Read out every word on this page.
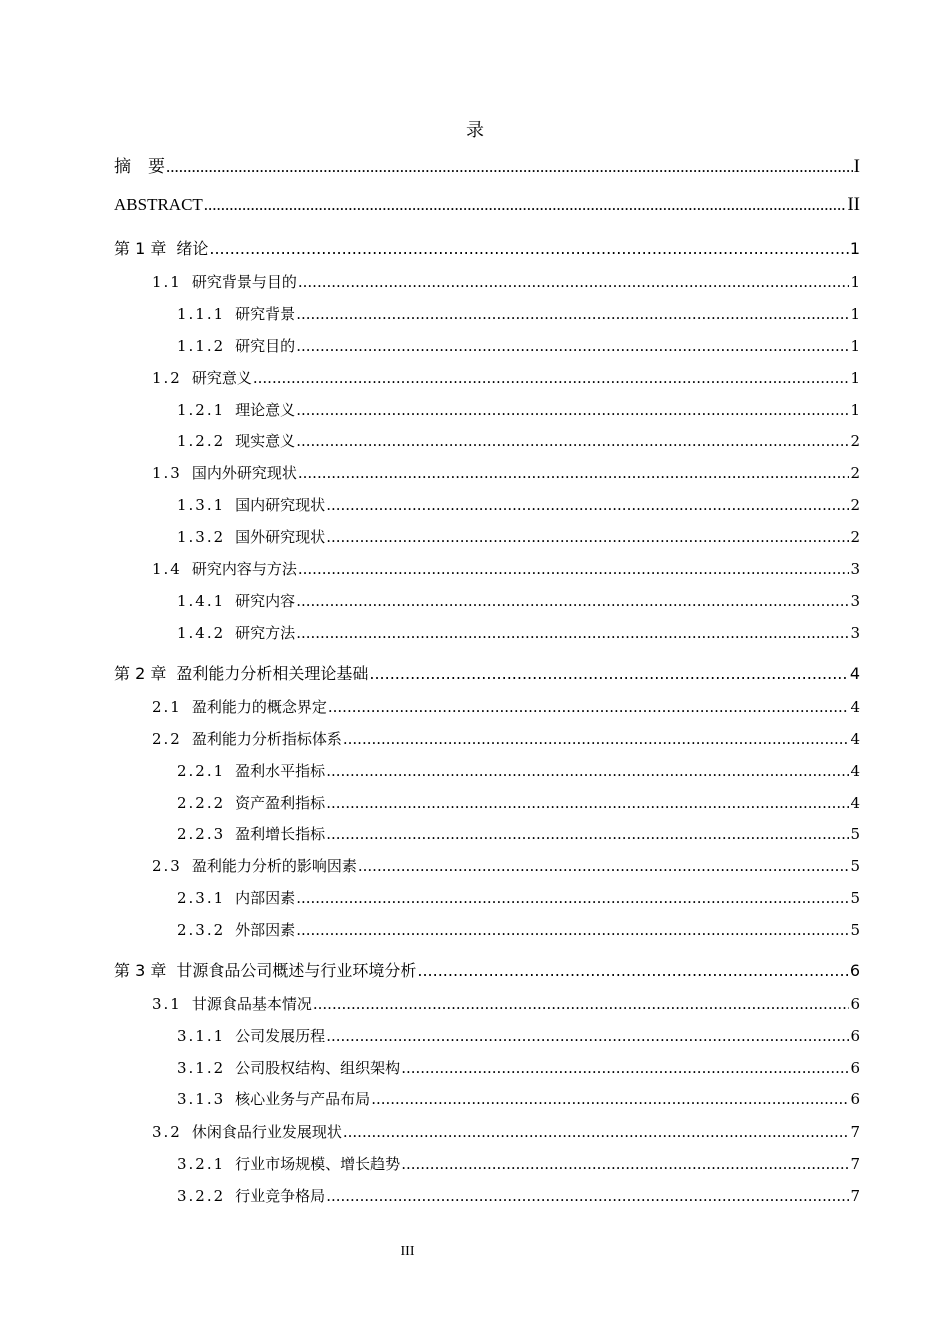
录
摘　要 .....	I
ABSTRACT .....	II
第 1 章 绪论 .....	1
1.1 研究背景与目的 .....	1
1.1.1 研究背景 .....	1
1.1.2 研究目的 .....	1
1.2 研究意义 .....	1
1.2.1 理论意义 .....	1
1.2.2 现实意义 .....	2
1.3 国内外研究现状 .....	2
1.3.1 国内研究现状 .....	2
1.3.2 国外研究现状 .....	2
1.4 研究内容与方法 .....	3
1.4.1 研究内容 .....	3
1.4.2 研究方法 .....	3
第 2 章 盈利能力分析相关理论基础 .....	4
2.1 盈利能力的概念界定 .....	4
2.2 盈利能力分析指标体系 .....	4
2.2.1 盈利水平指标 .....	4
2.2.2 资产盈利指标 .....	4
2.2.3 盈利增长指标 .....	5
2.3 盈利能力分析的影响因素 .....	5
2.3.1 内部因素 .....	5
2.3.2 外部因素 .....	5
第 3 章 甘源食品公司概述与行业环境分析 .....	6
3.1 甘源食品基本情况 .....	6
3.1.1 公司发展历程 .....	6
3.1.2 公司股权结构、组织架构 .....	6
3.1.3 核心业务与产品布局 .....	6
3.2 休闲食品行业发展现状 .....	7
3.2.1 行业市场规模、增长趋势 .....	7
3.2.2 行业竞争格局 .....	7
III
